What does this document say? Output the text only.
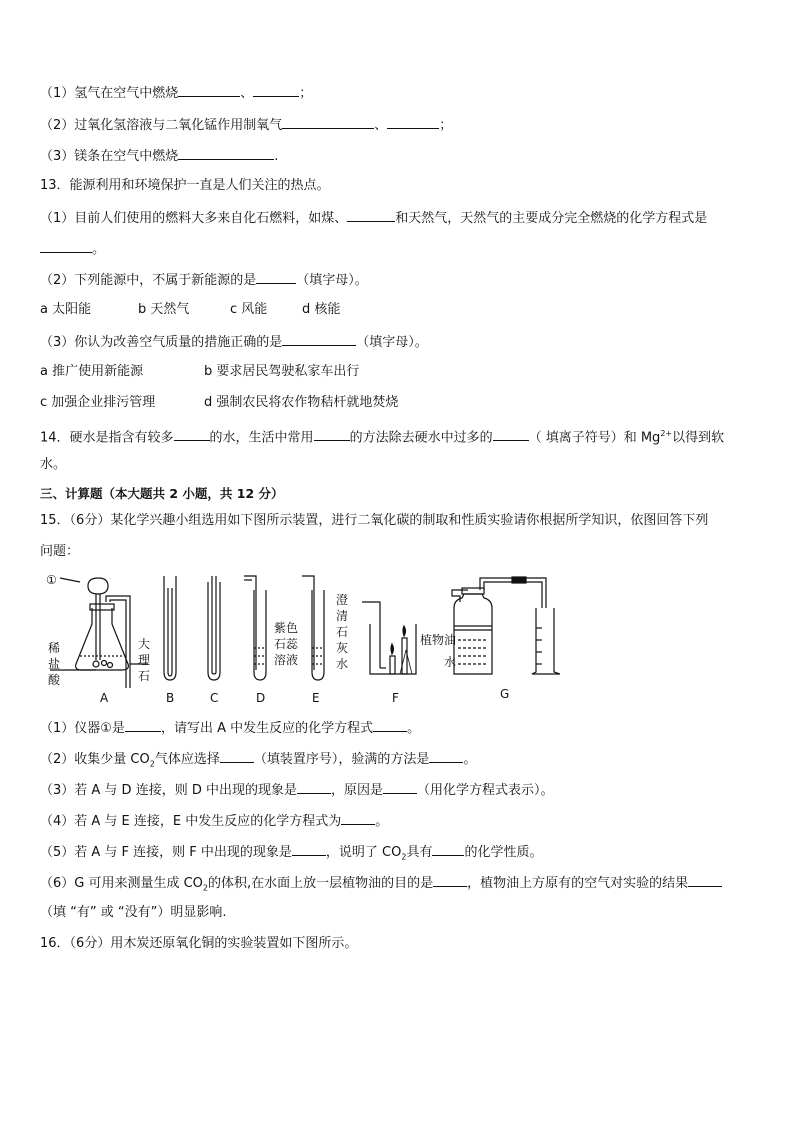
（1）氢气在空气中燃烧	、	；
（2）过氧化氢溶液与二氧化锰作用制氧气	、	；
（3）镁条在空气中燃烧	.
13．能源利用和环境保护一直是人们关注的热点。
（1）目前人们使用的燃料大多来自化石燃料，如煤、	和天然气，天然气的主要成分完全燃烧的化学方程式是
。
（2）下列能源中，不属于新能源的是	（填字母）。
a 太阳能	b 天然气	c 风能	d 核能
（3）你认为改善空气质量的措施正确的是	（填字母）。
a 推广使用新能源	b 要求居民驾驶私家车出行
c 加强企业排污管理	d 强制农民将农作物秸杆就地焚烧
14．硬水是指含有较多	的水，生活中常用	的方法除去硬水中过多的	（ 填离子符号）和 $Mg^{2+}$以得到软
水。
三、计算题（本大题共 2 小题，共 12 分）
15．（6分）某化学兴趣小组选用如下图所示装置，进行二氧化碳的制取和性质实验请你根据所学知识，依图回答下列
问题：
①
稀
盐
酸
大
理
石
紫色
石蕊
溶液
澄
清
石
灰
水
植物油
水
A	B	C	D	E	F	G
（1）仪器①是	，请写出 A 中发生反应的化学方程式	。
（2）收集少量 $CO_2$气体应选择	（填装置序号），验满的方法是	。
（3）若 A 与 D 连接，则 D 中出现的现象是	，原因是	（用化学方程式表示）。
（4）若 A 与 E 连接，E 中发生反应的化学方程式为	。
（5）若 A 与 F 连接，则 F 中出现的现象是	，说明了 $CO_2$具有 的化学性质。
（6）G 可用来测量生成 $CO_2$的体积,在水面上放一层植物油的目的是	，植物油上方原有的空气对实验的结果
（填 “有” 或 “没有”）明显影响.
16．（6分）用木炭还原氧化铜的实验装置如下图所示。
